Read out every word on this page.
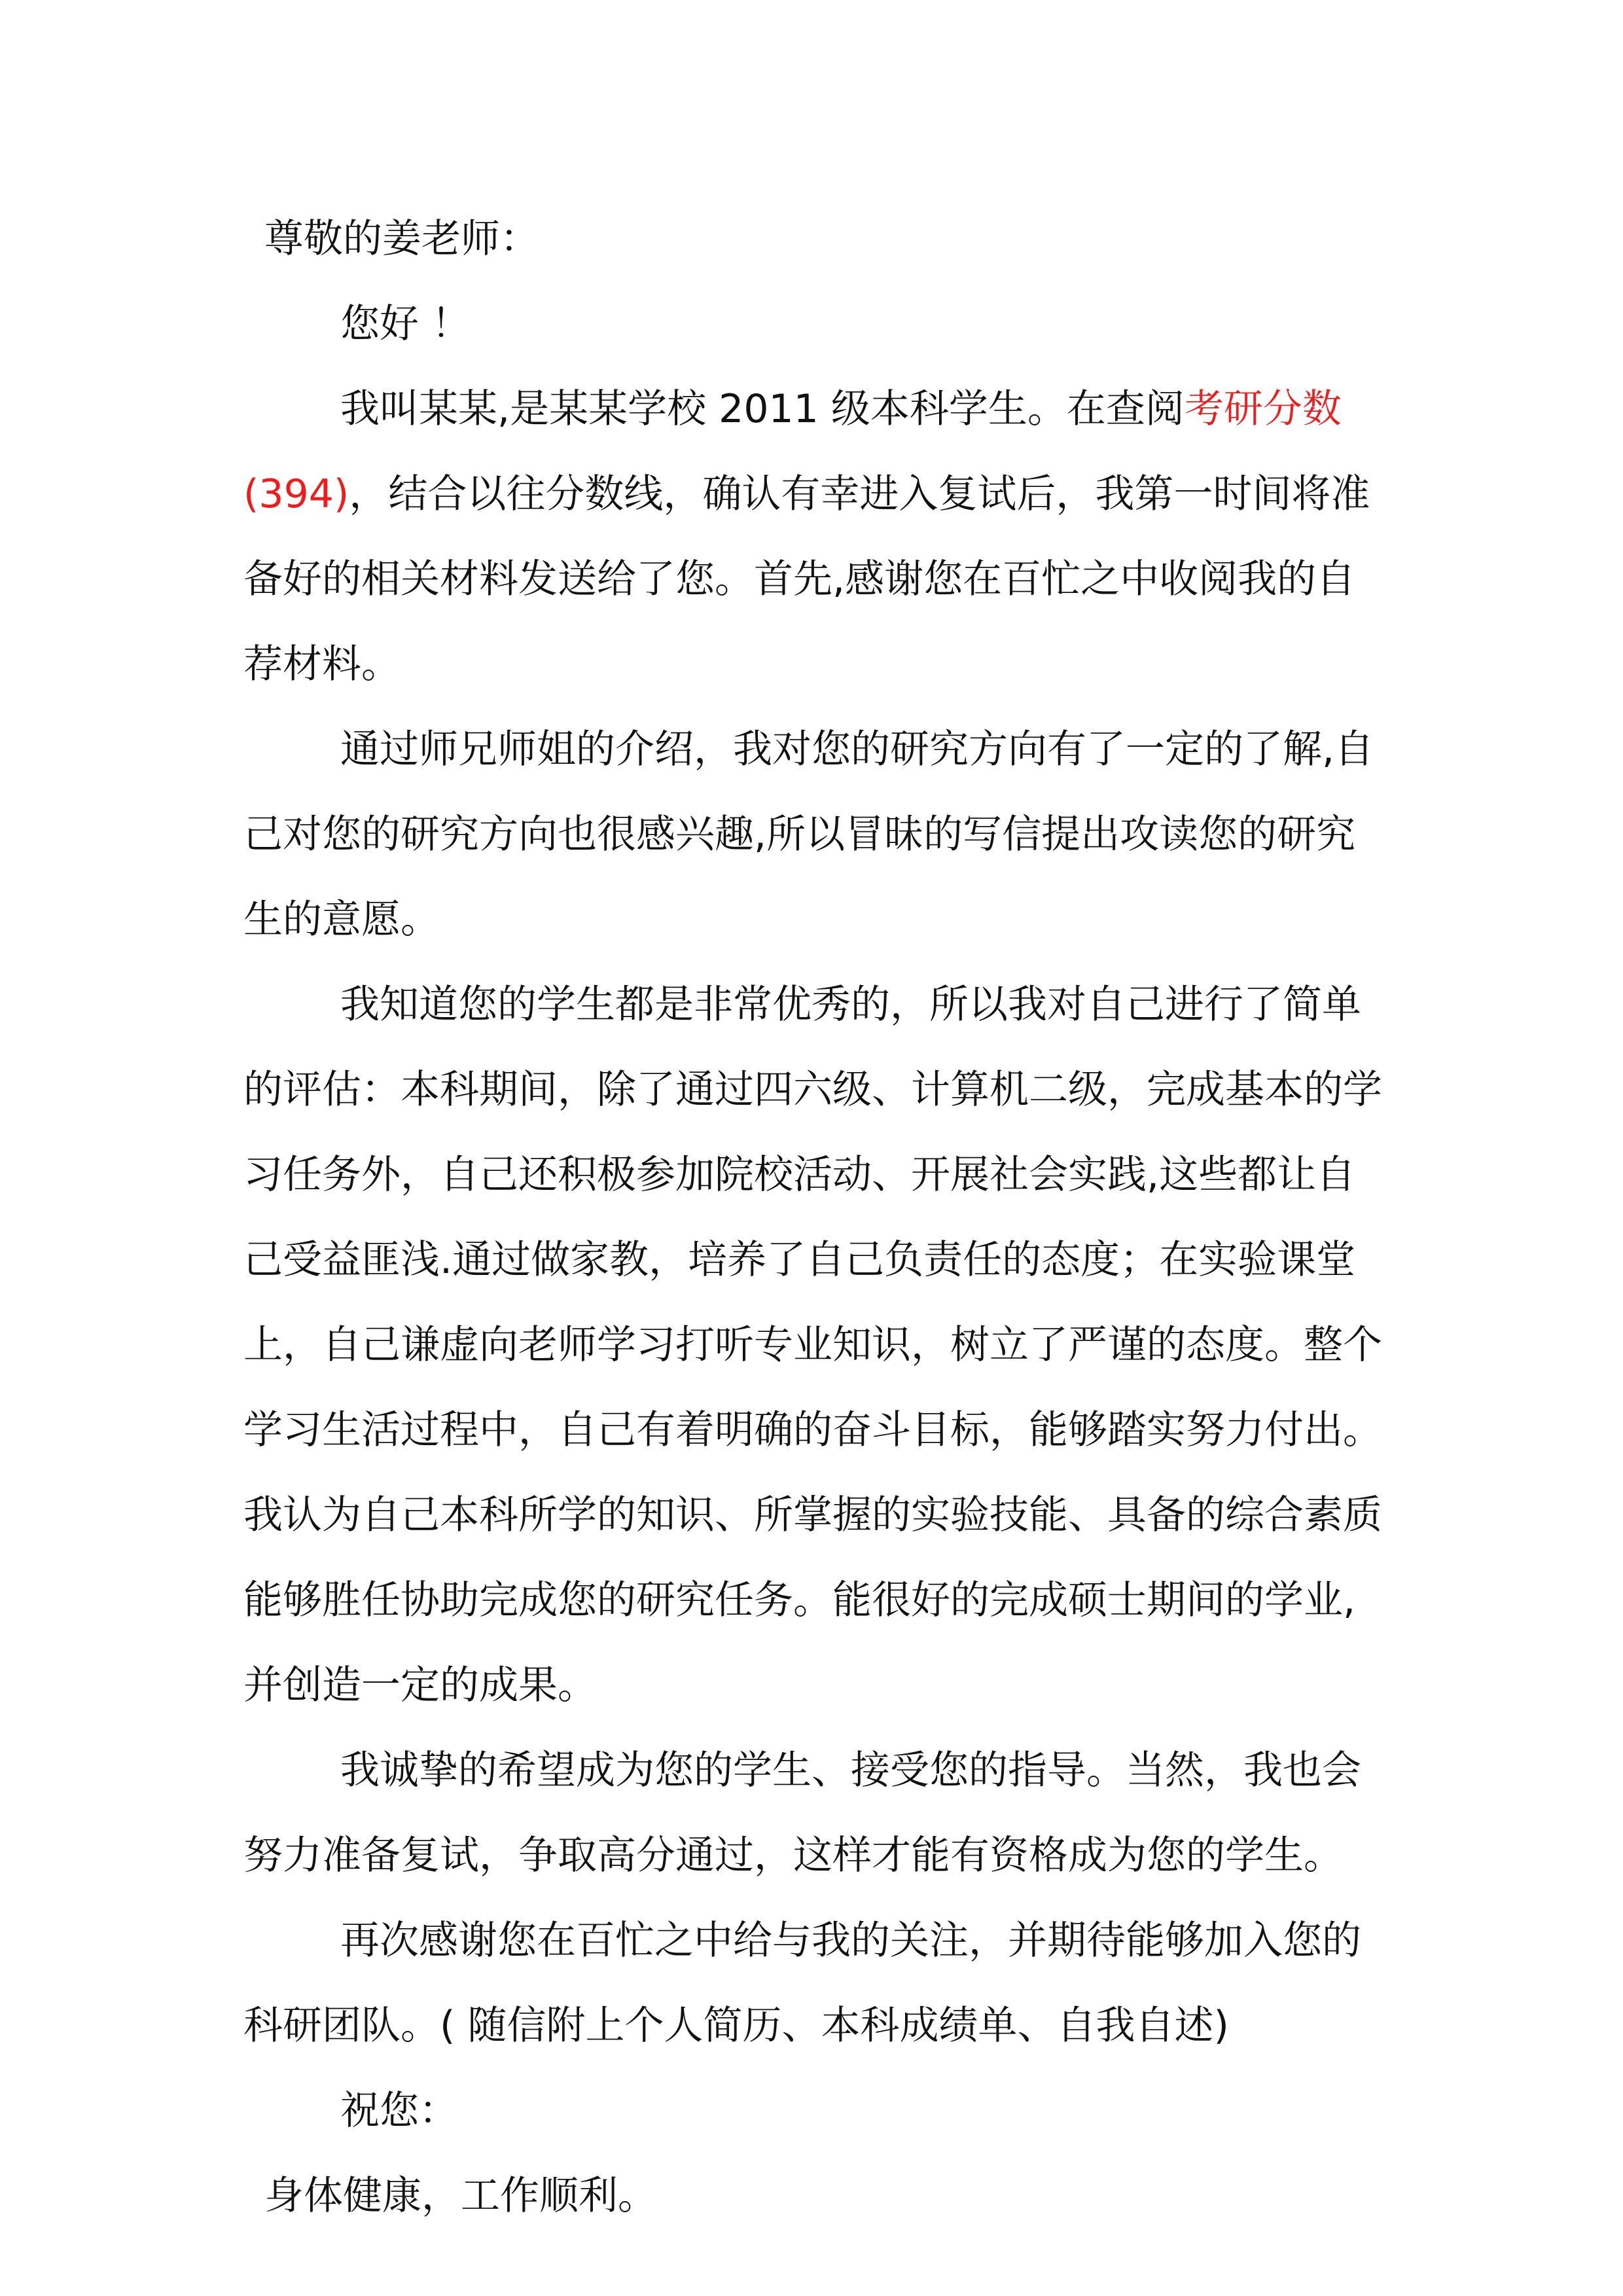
尊敬的姜老师：

您好 ！

我叫某某,是某某学校 2011 级本科学生。在查阅考研分数(394)，结合以往分数线，确认有幸进入复试后，我第一时间将准备好的相关材料发送给了您。首先,感谢您在百忙之中收阅我的自荐材料。

通过师兄师姐的介绍，我对您的研究方向有了一定的了解,自己对您的研究方向也很感兴趣,所以冒昧的写信提出攻读您的研究生的意愿。

我知道您的学生都是非常优秀的，所以我对自己进行了简单的评估：本科期间，除了通过四六级、计算机二级，完成基本的学习任务外，自己还积极参加院校活动、开展社会实践,这些都让自己受益匪浅.通过做家教，培养了自己负责任的态度；在实验课堂上，自己谦虚向老师学习打听专业知识，树立了严谨的态度。整个学习生活过程中，自己有着明确的奋斗目标，能够踏实努力付出。我认为自己本科所学的知识、所掌握的实验技能、具备的综合素质能够胜任协助完成您的研究任务。能很好的完成硕士期间的学业,并创造一定的成果。

我诚挚的希望成为您的学生、接受您的指导。当然，我也会努力准备复试，争取高分通过，这样才能有资格成为您的学生。

再次感谢您在百忙之中给与我的关注，并期待能够加入您的科研团队。( 随信附上个人简历、本科成绩单、自我自述)

祝您：

身体健康，工作顺利。
